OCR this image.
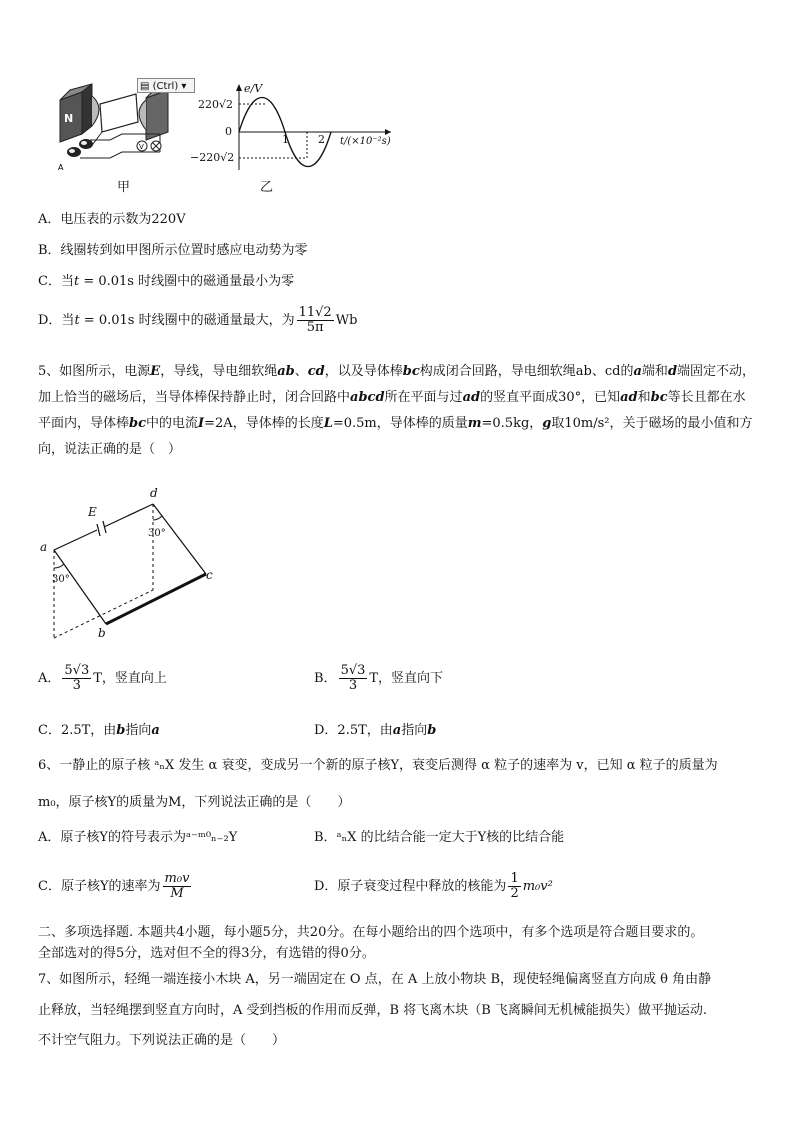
V
A
N
▤ (Ctrl) ▾
甲
e/V
220√2
0
−220√2
1	2 t/(×10⁻²s)
乙
A．电压表的示数为220V
B．线圈转到如甲图所示位置时感应电动势为零
C．当t = 0.01s 时线圈中的磁通量最小为零
D．当t = 0.01s 时线圈中的磁通量最大，为 $\frac{11√2}{5\pi}$ Wb
5、如图所示，电源E，导线，导电细软绳ab、cd，以及导体棒bc构成闭合回路，导电细软绳ab、cd的a端和d端固定不动，加上恰当的磁场后，当导体棒保持静止时，闭合回路中abcd所在平面与过ad的竖直平面成30°，已知ad和bc等长且都在水平面内，导体棒bc中的电流I=2A，导体棒的长度L=0.5m，导体棒的质量m=0.5kg，g取10m/s²，关于磁场的最小值和方向，说法正确的是（　）
E
a
b
c
d
30°
30°
A． $\frac{5√3}{3}$ T，竖直向上	B． $\frac{5√3}{3}$ T，竖直向下
C．2.5T，由b指向a	D．2.5T，由a指向b
6、一静止的原子核 ᵃₙX 发生 α 衰变，变成另一个新的原子核Y，衰变后测得 α 粒子的速率为 v，已知 α 粒子的质量为
m₀，原子核Y的质量为M，下列说法正确的是（　　）
A．原子核Y的符号表示为ᵃ⁻ᵐ⁰ₙ₋₂Y	B．ᵃₙX 的比结合能一定大于Y核的比结合能
C．原子核Y的速率为 $\frac{\text{m₀v}}{M}$	D．原子衰变过程中释放的核能为 $\frac{1}{2} m_0v^2$
二、多项选择题. 本题共4小题，每小题5分，共20分。在每小题给出的四个选项中，有多个选项是符合题目要求的。
全部选对的得5分，选对但不全的得3分，有选错的得0分。
7、如图所示，轻绳一端连接小木块 A，另一端固定在 O 点，在 A 上放小物块 B，现使轻绳偏离竖直方向成 θ 角由静
止释放，当轻绳摆到竖直方向时，A 受到挡板的作用而反弹，B 将飞离木块（B 飞离瞬间无机械能损失）做平抛运动.
不计空气阻力。下列说法正确的是（　　）
